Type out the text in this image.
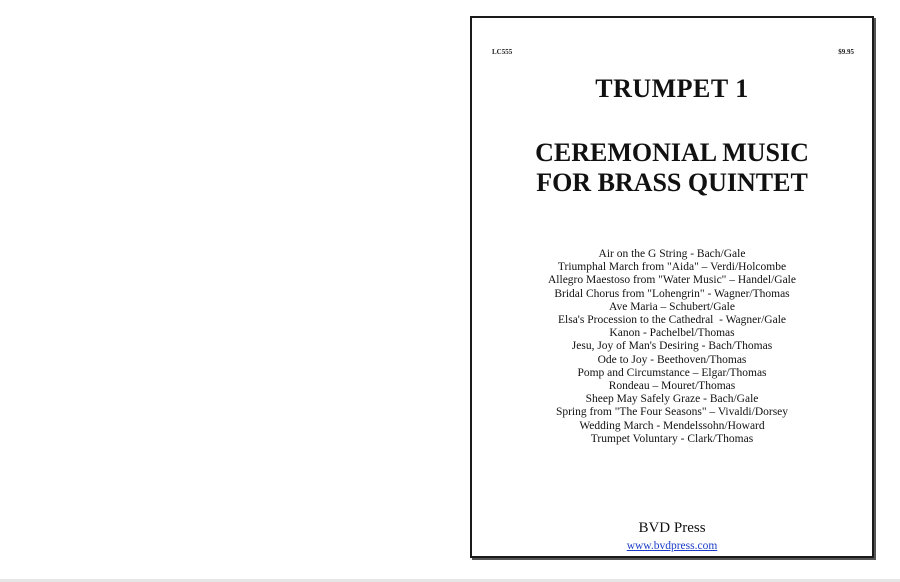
LC555	$9.95
TRUMPET 1
CEREMONIAL MUSIC
FOR BRASS QUINTET
Air on the G String - Bach/Gale
Triumphal March from "Aida" – Verdi/Holcombe
Allegro Maestoso from "Water Music" – Handel/Gale
Bridal Chorus from "Lohengrin" - Wagner/Thomas
Ave Maria – Schubert/Gale
Elsa's Procession to the Cathedral  - Wagner/Gale
Kanon - Pachelbel/Thomas
Jesu, Joy of Man's Desiring - Bach/Thomas
Ode to Joy - Beethoven/Thomas
Pomp and Circumstance – Elgar/Thomas
Rondeau – Mouret/Thomas
Sheep May Safely Graze - Bach/Gale
Spring from "The Four Seasons" – Vivaldi/Dorsey
Wedding March - Mendelssohn/Howard
Trumpet Voluntary - Clark/Thomas
BVD Press
www.bvdpress.com
